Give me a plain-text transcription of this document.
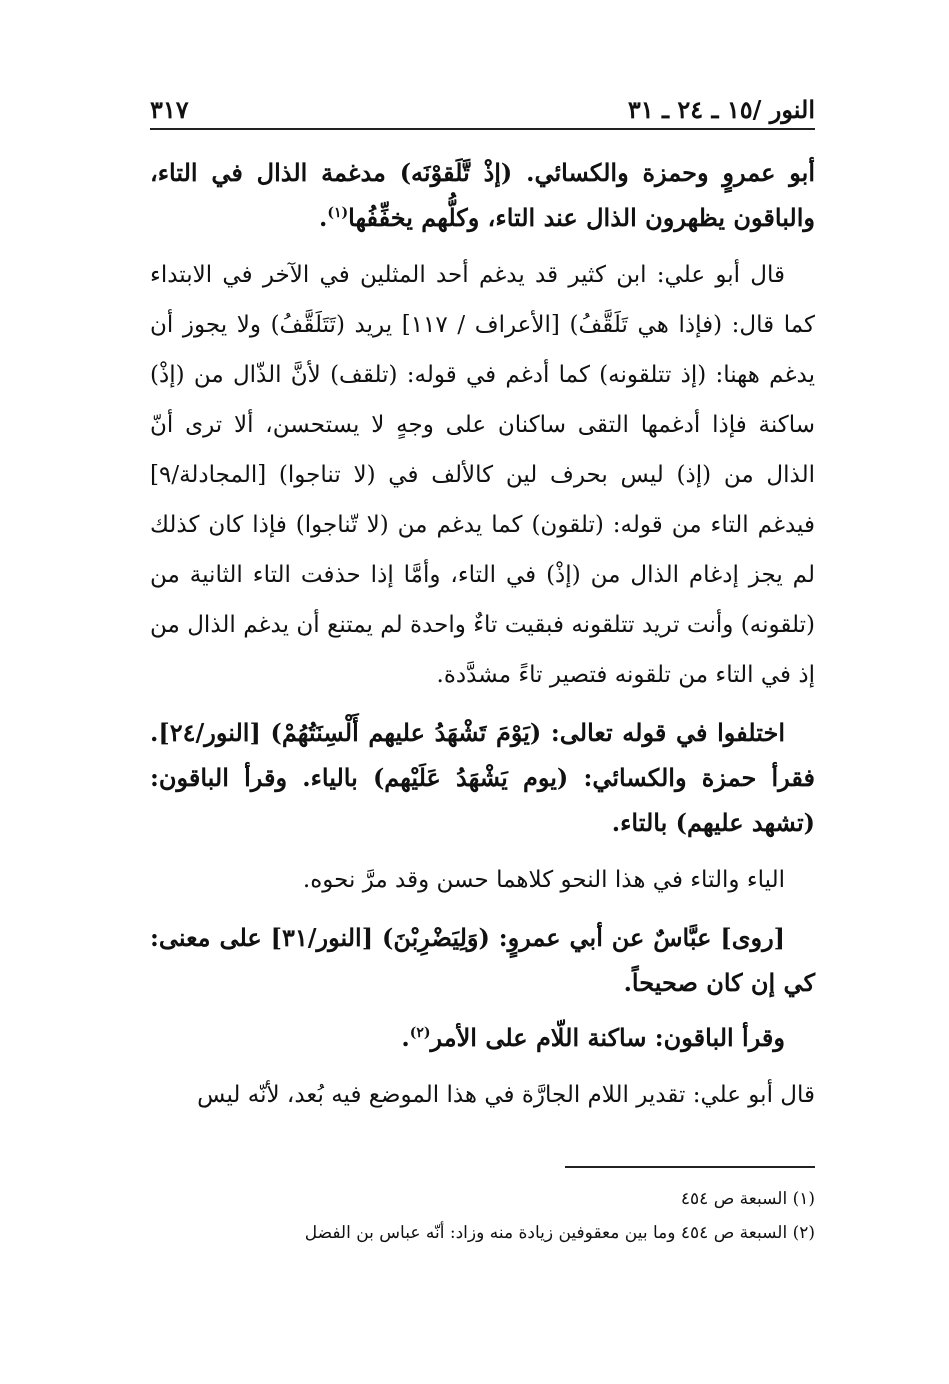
النور /١٥ ـ ٢٤ ـ ٣١
٣١٧

أبو عمروٍ وحمزة والكسائي. (إذْ تَّلَقوْنَه) مدغمة الذال في التاء، والباقون يظهرون الذال عند التاء، وكلُّهم يخفِّفُها$^{(١)}$.

قال أبو علي: ابن كثير قد يدغم أحد المثلين في الآخر في الابتداء كما قال: (فإذا هي تَلَقَّفُ) [الأعراف / ١١٧] يريد (تَتَلَقَّفُ) ولا يجوز أن يدغم ههنا: (إذ تتلقونه) كما أدغم في قوله: (تلقف) لأنَّ الذّال من (إذْ) ساكنة فإذا أدغمها التقى ساكنان على وجهٍ لا يستحسن، ألا ترى أنّ الذال من (إذ) ليس بحرف لين كالألف في (لا تناجوا) [المجادلة/٩] فيدغم التاء من قوله: (تلقون) كما يدغم من (لا تّناجوا) فإذا كان كذلك لم يجز إدغام الذال من (إذْ) في التاء، وأمَّا إذا حذفت التاء الثانية من (تلقونه) وأنت تريد تتلقونه فبقيت تاءٌ واحدة لم يمتنع أن يدغم الذال من إذ في التاء من تلقونه فتصير تاءً مشدَّدة.

اختلفوا في قوله تعالى: (يَوْمَ تَشْهَدُ عليهم أَلْسِنَتُهُمْ) [النور/٢٤]. فقرأ حمزة والكسائي: (يوم يَشْهَدُ عَلَيْهم) بالياء. وقرأ الباقون: (تشهد عليهم) بالتاء.

الياء والتاء في هذا النحو كلاهما حسن وقد مرَّ نحوه.

[روى] عبَّاسٌ عن أبي عمروٍ: (وَلِيَضْرِبْنَ) [النور/٣١] على معنى: كي إن كان صحيحاً.

وقرأ الباقون: ساكنة اللّام على الأمر$^{(٢)}$.

قال أبو علي: تقدير اللام الجارَّة في هذا الموضع فيه بُعد، لأنّه ليس

(١) السبعة ص ٤٥٤

(٢) السبعة ص ٤٥٤ وما بين معقوفين زيادة منه وزاد: أنّه عباس بن الفضل
